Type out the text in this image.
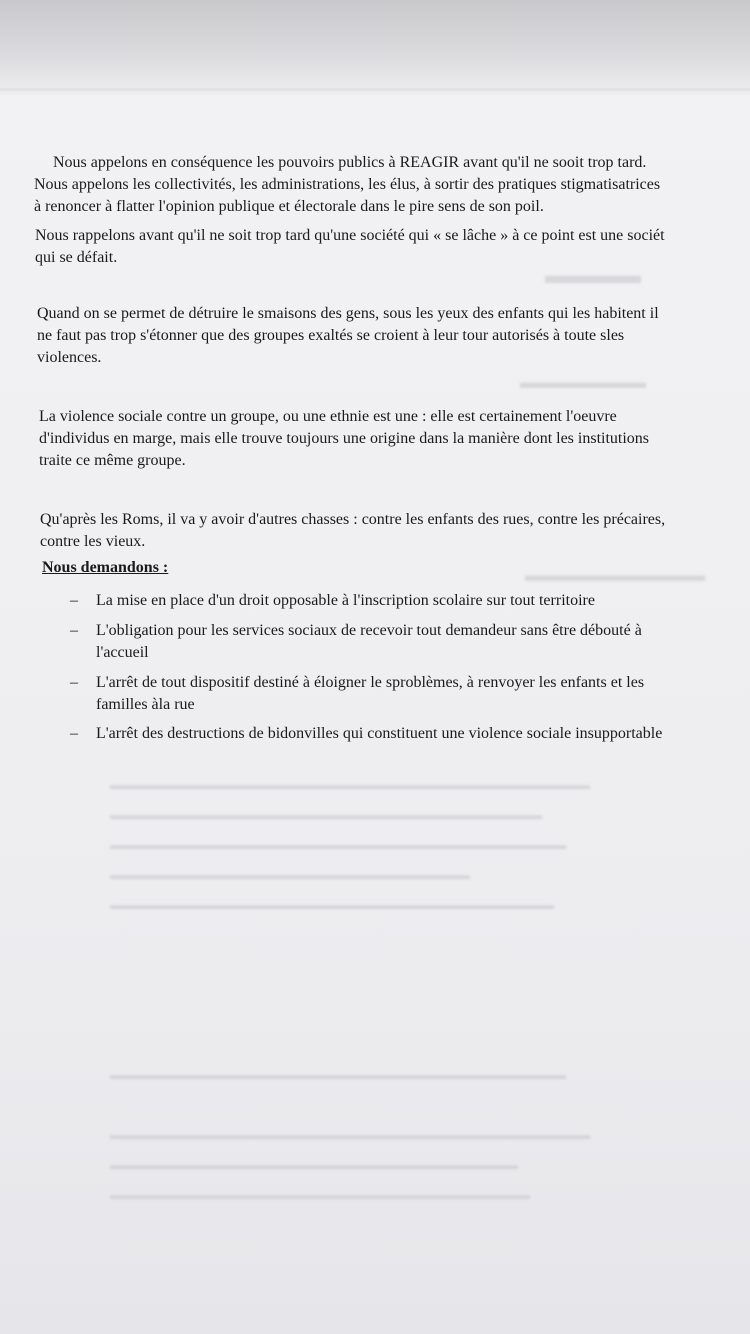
▬▬▬▬
▬▬▬▬▬▬▬
▬▬▬▬▬▬▬▬▬▬
▬▬▬▬▬▬▬▬▬▬▬▬▬▬▬▬▬▬▬▬▬▬▬▬▬▬▬▬▬▬▬▬▬▬▬▬▬▬▬▬
▬▬▬▬▬▬▬▬▬▬▬▬▬▬▬▬▬▬▬▬▬▬▬▬▬▬▬▬▬▬▬▬▬▬▬▬
▬▬▬▬▬▬▬▬▬▬▬▬▬▬▬▬▬▬▬▬▬▬▬▬▬▬▬▬▬▬▬▬▬▬▬▬▬▬
▬▬▬▬▬▬▬▬▬▬▬▬▬▬▬▬▬▬▬▬▬▬▬▬▬▬▬▬▬▬
▬▬▬▬▬▬▬▬▬▬▬▬▬▬▬▬▬▬▬▬▬▬▬▬▬▬▬▬▬▬▬▬▬▬▬▬▬
▬▬▬▬▬▬▬▬▬▬▬▬▬▬▬▬▬▬▬▬▬▬▬▬▬▬▬▬▬▬▬▬▬▬▬▬▬▬

▬▬▬▬▬▬▬▬▬▬▬▬▬▬▬▬▬▬▬▬▬▬▬▬▬▬▬▬▬▬▬▬▬▬▬▬▬▬▬▬
▬▬▬▬▬▬▬▬▬▬▬▬▬▬▬▬▬▬▬▬▬▬▬▬▬▬▬▬▬▬▬▬▬▬
▬▬▬▬▬▬▬▬▬▬▬▬▬▬▬▬▬▬▬▬▬▬▬▬▬▬▬▬▬▬▬▬▬▬▬

Nous appelons en conséquence les pouvoirs publics à REAGIR avant qu'il ne sooit trop tard.
Nous appelons les collectivités, les administrations, les élus, à sortir des pratiques stigmatisatrices
à renoncer à flatter l'opinion publique et électorale dans le pire sens de son poil.

Nous rappelons avant qu'il ne soit trop tard qu'une société qui « se lâche » à ce point est une sociét
qui se défait.

Quand on se permet de détruire le smaisons des gens, sous les yeux des enfants qui les habitent il
ne faut pas trop s'étonner que des groupes exaltés se croient à leur tour autorisés à toute sles
violences.

La violence sociale contre un groupe, ou une ethnie est une : elle est certainement l'oeuvre
d'individus en marge, mais elle trouve toujours une origine dans la manière dont les institutions
traite ce même groupe.

Qu'après les Roms, il va y avoir d'autres chasses : contre les enfants des rues, contre les précaires,
contre les vieux.

Nous demandons :
– La mise en place d'un droit opposable à l'inscription scolaire sur tout territoire
– L'obligation pour les services sociaux de recevoir tout demandeur sans être débouté à
l'accueil
– L'arrêt de tout dispositif destiné à éloigner le sproblèmes, à renvoyer les enfants et les
familles àla rue
– L'arrêt des destructions de bidonvilles qui constituent une violence sociale insupportable
